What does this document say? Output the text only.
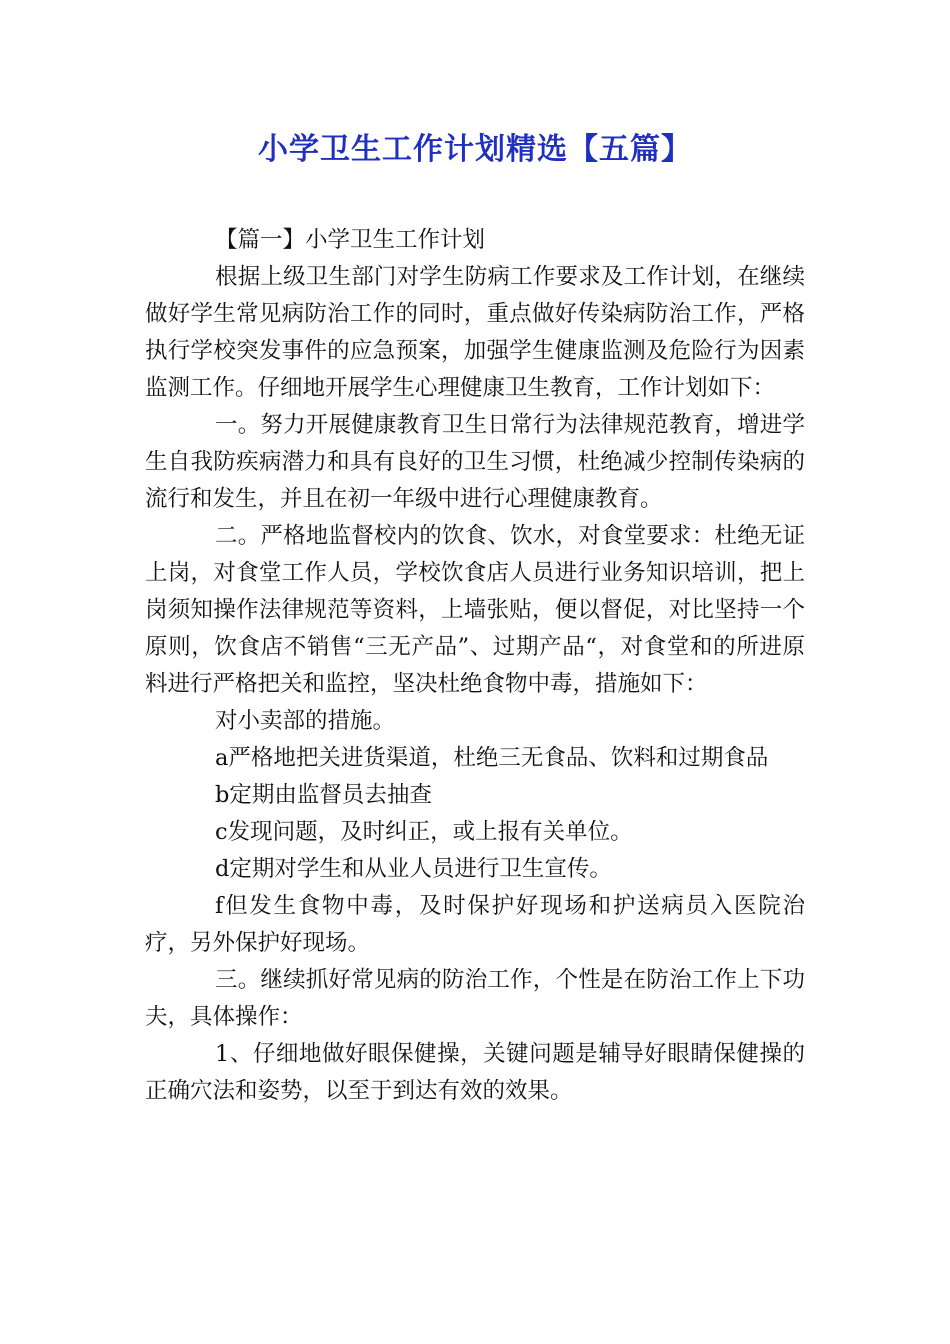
小学卫生工作计划精选【五篇】

【篇一】小学卫生工作计划

根据上级卫生部门对学生防病工作要求及工作计划，在继续做好学生常见病防治工作的同时，重点做好传染病防治工作，严格执行学校突发事件的应急预案，加强学生健康监测及危险行为因素监测工作。仔细地开展学生心理健康卫生教育，工作计划如下：

一。努力开展健康教育卫生日常行为法律规范教育，增进学生自我防疾病潜力和具有良好的卫生习惯，杜绝减少控制传染病的流行和发生，并且在初一年级中进行心理健康教育。

二。严格地监督校内的饮食、饮水，对食堂要求：杜绝无证上岗，对食堂工作人员，学校饮食店人员进行业务知识培训，把上岗须知操作法律规范等资料，上墙张贴，便以督促，对比坚持一个原则，饮食店不销售“三无产品”、过期产品“，对食堂和的所进原料进行严格把关和监控，坚决杜绝食物中毒，措施如下：

对小卖部的措施。

a严格地把关进货渠道，杜绝三无食品、饮料和过期食品

b定期由监督员去抽查

c发现问题，及时纠正，或上报有关单位。

d定期对学生和从业人员进行卫生宣传。

f但发生食物中毒，及时保护好现场和护送病员入医院治疗，另外保护好现场。

三。继续抓好常见病的防治工作，个性是在防治工作上下功夫，具体操作：

1、仔细地做好眼保健操，关键问题是辅导好眼睛保健操的正确穴法和姿势，以至于到达有效的效果。
